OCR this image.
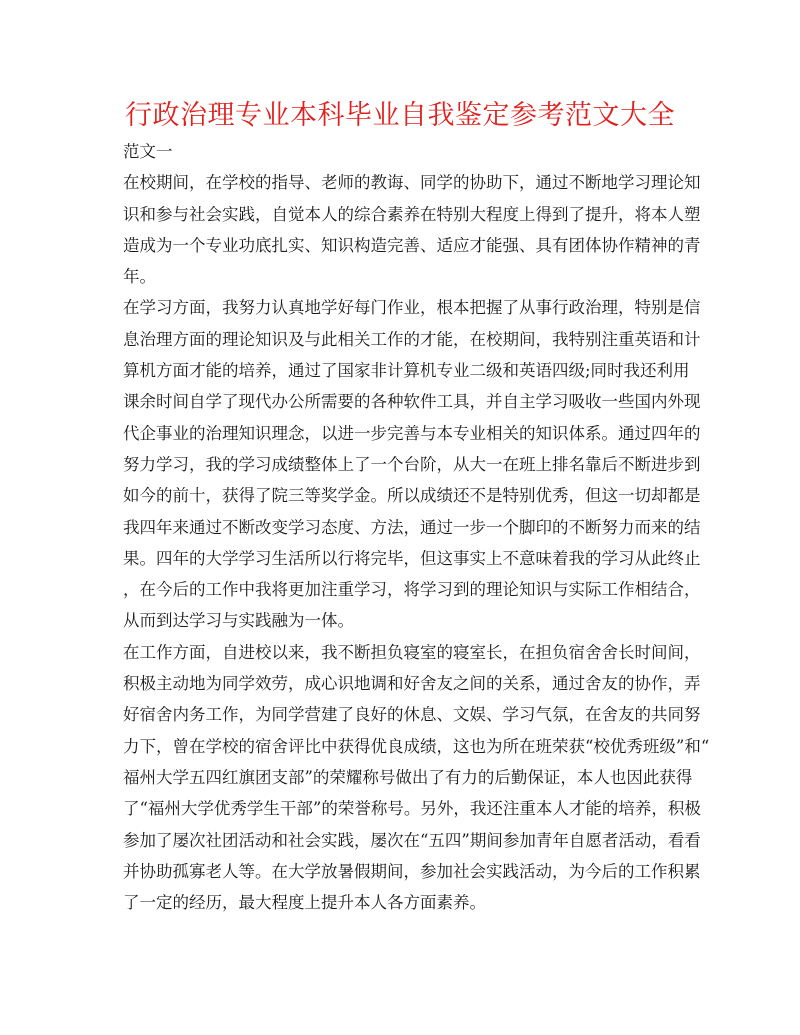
行政治理专业本科毕业自我鉴定参考范文大全
范文一
在校期间，在学校的指导、老师的教诲、同学的协助下，通过不断地学习理论知
识和参与社会实践，自觉本人的综合素养在特别大程度上得到了提升，将本人塑
造成为一个专业功底扎实、知识构造完善、适应才能强、具有团体协作精神的青
年。
在学习方面，我努力认真地学好每门作业，根本把握了从事行政治理，特别是信
息治理方面的理论知识及与此相关工作的才能，在校期间，我特别注重英语和计
算机方面才能的培养，通过了国家非计算机专业二级和英语四级;同时我还利用
课余时间自学了现代办公所需要的各种软件工具，并自主学习吸收一些国内外现
代企事业的治理知识理念，以进一步完善与本专业相关的知识体系。通过四年的
努力学习，我的学习成绩整体上了一个台阶，从大一在班上排名靠后不断进步到
如今的前十，获得了院三等奖学金。所以成绩还不是特别优秀，但这一切却都是
我四年来通过不断改变学习态度、方法，通过一步一个脚印的不断努力而来的结
果。四年的大学学习生活所以行将完毕，但这事实上不意味着我的学习从此终止
，在今后的工作中我将更加注重学习，将学习到的理论知识与实际工作相结合，
从而到达学习与实践融为一体。
在工作方面，自进校以来，我不断担负寝室的寝室长，在担负宿舍舍长时间间，
积极主动地为同学效劳，成心识地调和好舍友之间的关系，通过舍友的协作，弄
好宿舍内务工作，为同学营建了良好的休息、文娱、学习气氛，在舍友的共同努
力下，曾在学校的宿舍评比中获得优良成绩，这也为所在班荣获“校优秀班级”和“
福州大学五四红旗团支部”的荣耀称号做出了有力的后勤保证，本人也因此获得
了“福州大学优秀学生干部”的荣誉称号。另外，我还注重本人才能的培养，积极
参加了屡次社团活动和社会实践，屡次在“五四”期间参加青年自愿者活动，看看
并协助孤寡老人等。在大学放暑假期间，参加社会实践活动，为今后的工作积累
了一定的经历，最大程度上提升本人各方面素养。
